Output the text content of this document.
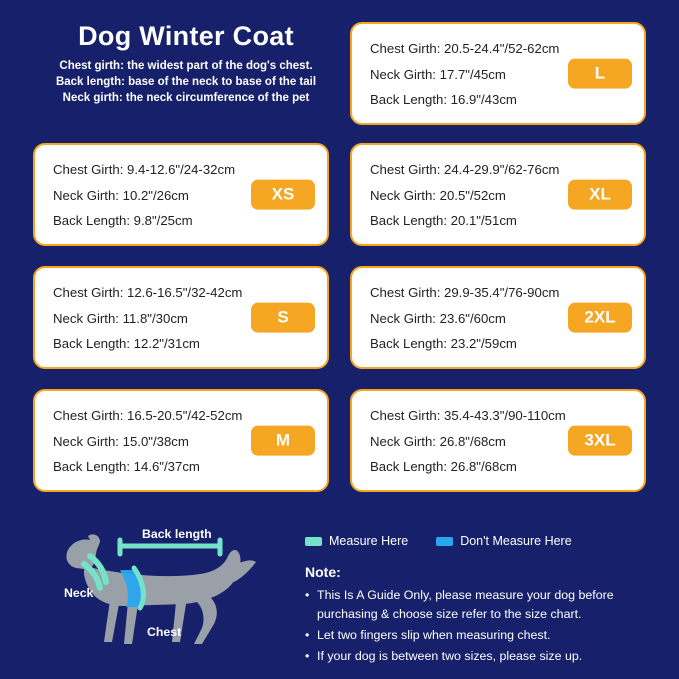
Dog Winter Coat

Chest girth: the widest part of the dog's chest.

Back length: base of the neck to base of the tail

Neck girth: the neck circumference of the pet

Chest Girth: 20.5-24.4"/52-62cm
Neck Girth: 17.7"/45cm
Back Length: 16.9"/43cm
L
Chest Girth: 9.4-12.6"/24-32cm
Neck Girth: 10.2"/26cm
Back Length: 9.8"/25cm
XS
Chest Girth: 24.4-29.9"/62-76cm
Neck Girth: 20.5"/52cm
Back Length: 20.1"/51cm
XL
Chest Girth: 12.6-16.5"/32-42cm
Neck Girth: 11.8"/30cm
Back Length: 12.2"/31cm
S
Chest Girth: 29.9-35.4"/76-90cm
Neck Girth: 23.6"/60cm
Back Length: 23.2"/59cm
2XL
Chest Girth: 16.5-20.5"/42-52cm
Neck Girth: 15.0"/38cm
Back Length: 14.6"/37cm
M
Chest Girth: 35.4-43.3"/90-110cm
Neck Girth: 26.8"/68cm
Back Length: 26.8"/68cm
3XL
Back length
Neck
Chest
Measure Here	Don't Measure Here
Note:
• This Is A Guide Only, please measure your dog before purchasing & choose size refer to the size chart.
• Let two fingers slip when measuring chest.
• If your dog is between two sizes, please size up.
